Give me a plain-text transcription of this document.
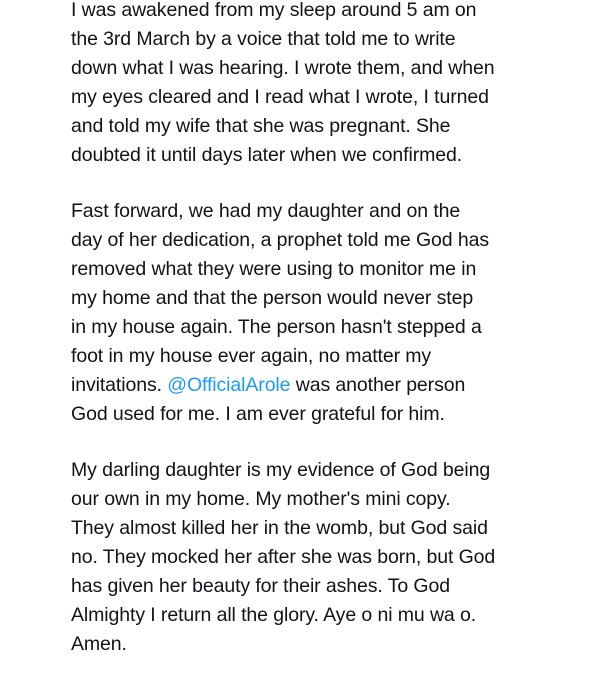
I was awakened from my sleep around 5 am on
the 3rd March by a voice that told me to write
down what I was hearing. I wrote them, and when
my eyes cleared and I read what I wrote, I turned
and told my wife that she was pregnant. She
doubted it until days later when we confirmed.
Fast forward, we had my daughter and on the
day of her dedication, a prophet told me God has
removed what they were using to monitor me in
my home and that the person would never step
in my house again. The person hasn't stepped a
foot in my house ever again, no matter my
invitations. @OfficialArole was another person
God used for me. I am ever grateful for him.
My darling daughter is my evidence of God being
our own in my home. My mother's mini copy.
They almost killed her in the womb, but God said
no. They mocked her after she was born, but God
has given her beauty for their ashes. To God
Almighty I return all the glory. Aye o ni mu wa o.
Amen.
